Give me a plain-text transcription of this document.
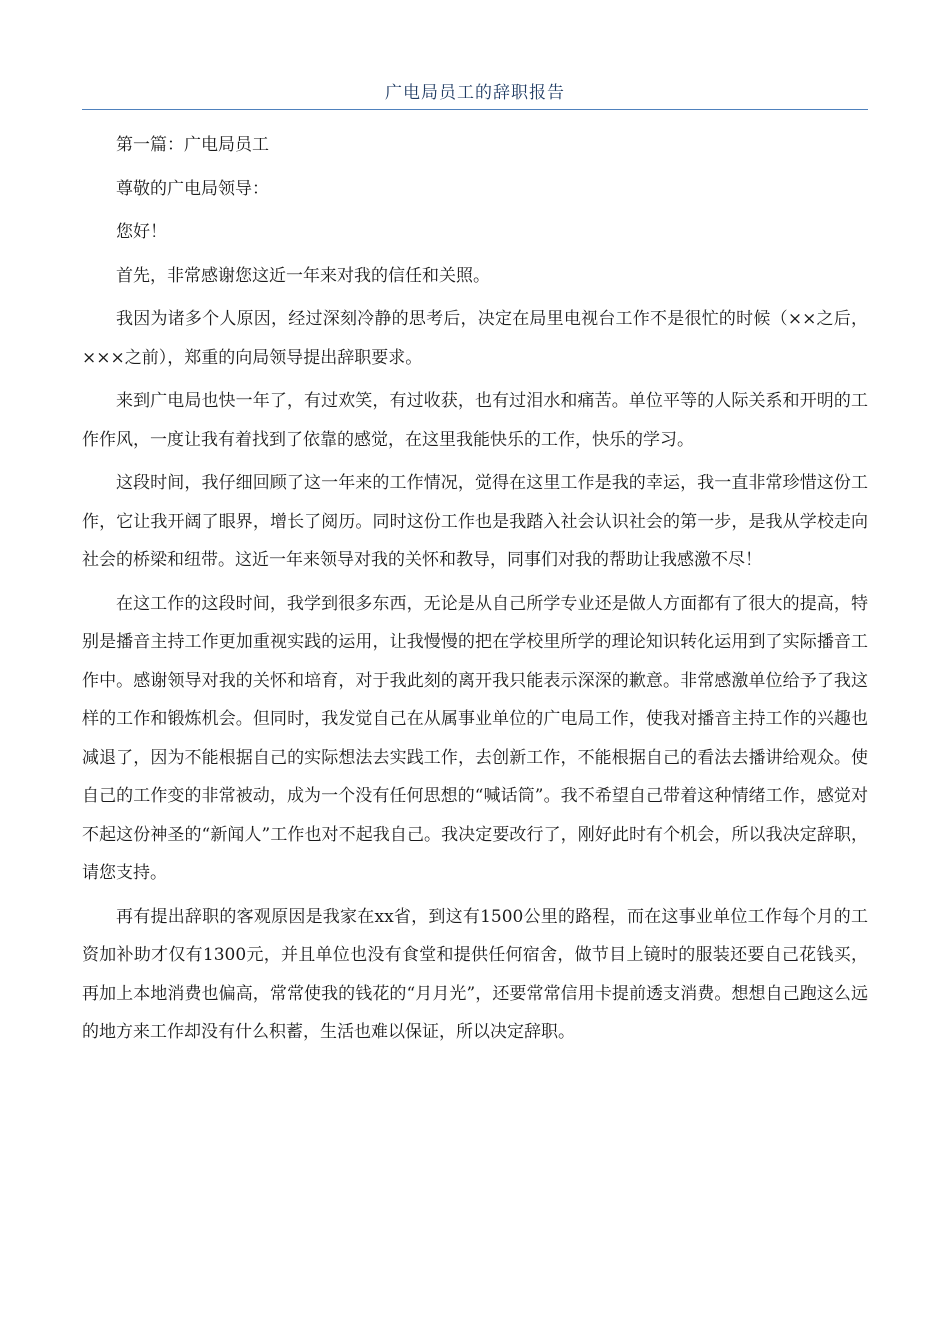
广电局员工的辞职报告

第一篇：广电局员工

尊敬的广电局领导：

您好！

首先，非常感谢您这近一年来对我的信任和关照。

我因为诸多个人原因，经过深刻冷静的思考后，决定在局里电视台工作不是很忙的时候（××之后，×××之前），郑重的向局领导提出辞职要求。

来到广电局也快一年了，有过欢笑，有过收获，也有过泪水和痛苦。单位平等的人际关系和开明的工作作风，一度让我有着找到了依靠的感觉，在这里我能快乐的工作，快乐的学习。

这段时间，我仔细回顾了这一年来的工作情况，觉得在这里工作是我的幸运，我一直非常珍惜这份工作，它让我开阔了眼界，增长了阅历。同时这份工作也是我踏入社会认识社会的第一步，是我从学校走向社会的桥梁和纽带。这近一年来领导对我的关怀和教导，同事们对我的帮助让我感激不尽！

在这工作的这段时间，我学到很多东西，无论是从自己所学专业还是做人方面都有了很大的提高，特别是播音主持工作更加重视实践的运用，让我慢慢的把在学校里所学的理论知识转化运用到了实际播音工作中。感谢领导对我的关怀和培育，对于我此刻的离开我只能表示深深的歉意。非常感激单位给予了我这样的工作和锻炼机会。但同时，我发觉自己在从属事业单位的广电局工作，使我对播音主持工作的兴趣也减退了，因为不能根据自己的实际想法去实践工作，去创新工作，不能根据自己的看法去播讲给观众。使自己的工作变的非常被动，成为一个没有任何思想的“喊话筒”。我不希望自己带着这种情绪工作，感觉对不起这份神圣的“新闻人”工作也对不起我自己。我决定要改行了，刚好此时有个机会，所以我决定辞职，请您支持。

再有提出辞职的客观原因是我家在xx省，到这有1500公里的路程，而在这事业单位工作每个月的工资加补助才仅有1300元，并且单位也没有食堂和提供任何宿舍，做节目上镜时的服装还要自己花钱买，再加上本地消费也偏高，常常使我的钱花的“月月光”，还要常常信用卡提前透支消费。想想自己跑这么远的地方来工作却没有什么积蓄，生活也难以保证，所以决定辞职。
